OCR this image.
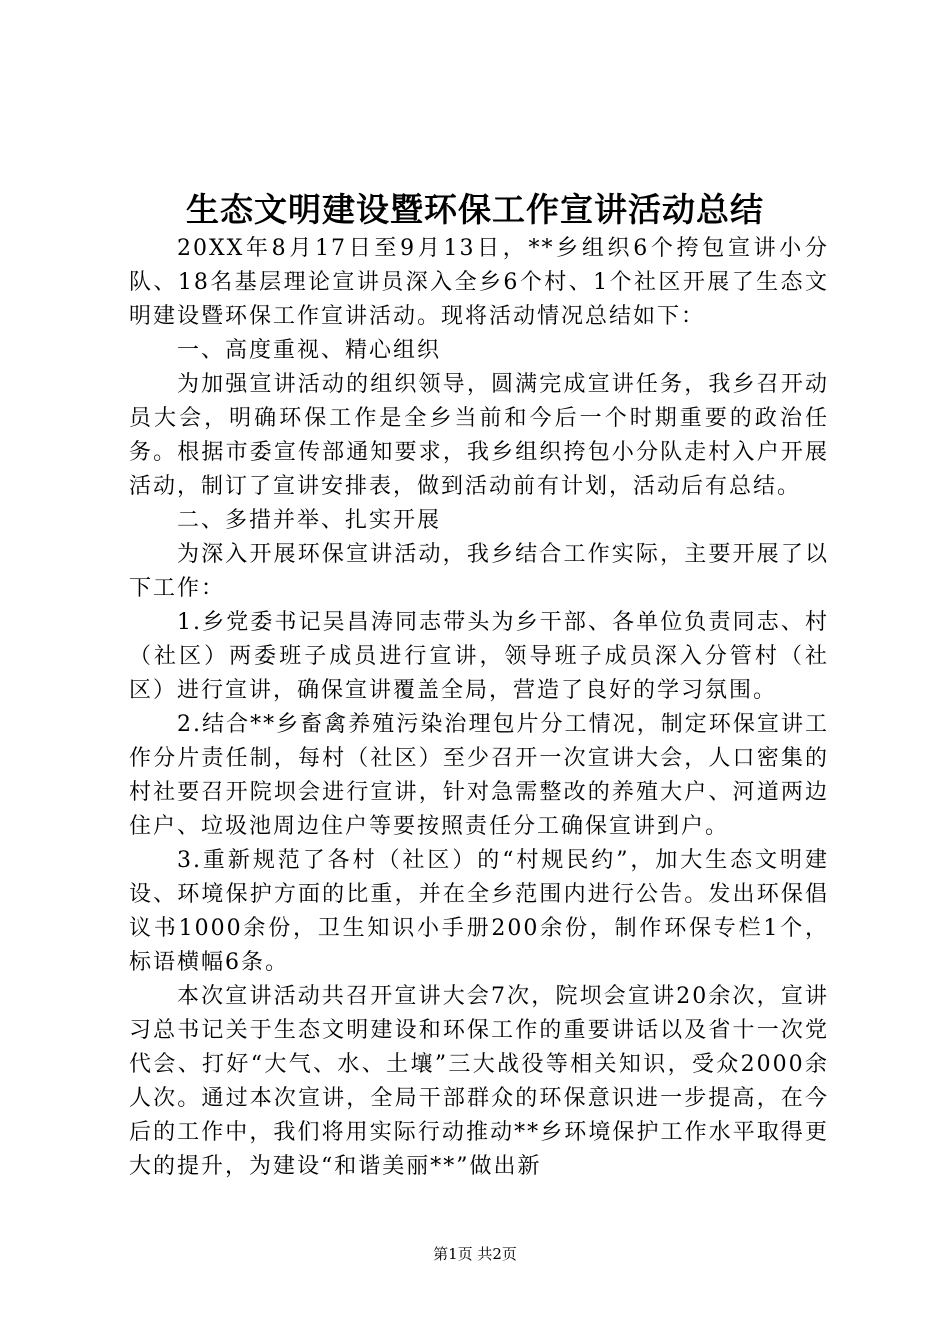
生态文明建设暨环保工作宣讲活动总结

20XX年8月17日至9月13日，**乡组织6个挎包宣讲小分队、18名基层理论宣讲员深入全乡6个村、1个社区开展了生态文明建设暨环保工作宣讲活动。现将活动情况总结如下：

一、高度重视、精心组织

为加强宣讲活动的组织领导，圆满完成宣讲任务，我乡召开动员大会，明确环保工作是全乡当前和今后一个时期重要的政治任务。根据市委宣传部通知要求，我乡组织挎包小分队走村入户开展活动，制订了宣讲安排表，做到活动前有计划，活动后有总结。

二、多措并举、扎实开展

为深入开展环保宣讲活动，我乡结合工作实际，主要开展了以下工作：

1.乡党委书记吴昌涛同志带头为乡干部、各单位负责同志、村（社区）两委班子成员进行宣讲，领导班子成员深入分管村（社区）进行宣讲，确保宣讲覆盖全局，营造了良好的学习氛围。

2.结合**乡畜禽养殖污染治理包片分工情况，制定环保宣讲工作分片责任制，每村（社区）至少召开一次宣讲大会，人口密集的村社要召开院坝会进行宣讲，针对急需整改的养殖大户、河道两边住户、垃圾池周边住户等要按照责任分工确保宣讲到户。

3.重新规范了各村（社区）的“村规民约”，加大生态文明建设、环境保护方面的比重，并在全乡范围内进行公告。发出环保倡议书1000余份，卫生知识小手册200余份，制作环保专栏1个，标语横幅6条。

本次宣讲活动共召开宣讲大会7次，院坝会宣讲20余次，宣讲习总书记关于生态文明建设和环保工作的重要讲话以及省十一次党代会、打好“大气、水、土壤”三大战役等相关知识，受众2000余人次。通过本次宣讲，全局干部群众的环保意识进一步提高，在今后的工作中，我们将用实际行动推动**乡环境保护工作水平取得更大的提升，为建设“和谐美丽**”做出新

第1页 共2页
